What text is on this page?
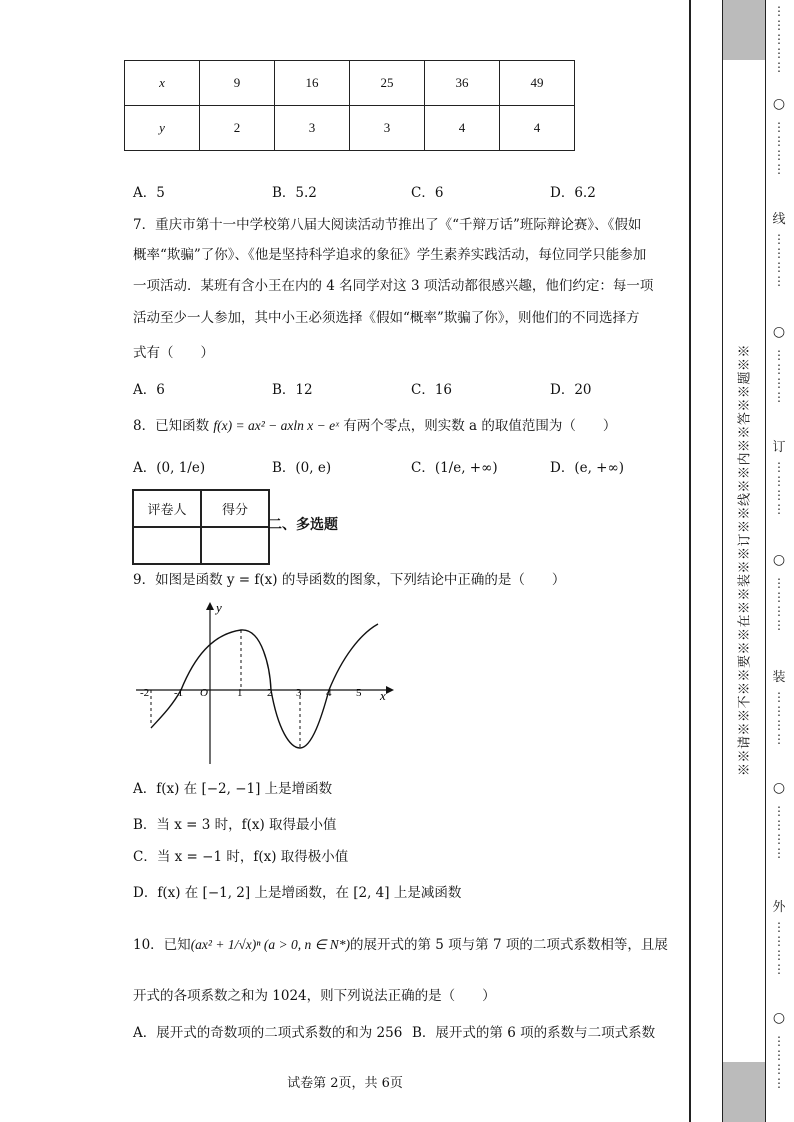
x	9	16	25	36	49
y	2	3	3	4	4
A．5	B．5.2	C．6	D．6.2
7．重庆市第十一中学校第八届大阅读活动节推出了《“千辩万话”班际辩论赛》、《假如
概率“欺骗”了你》、《他是坚持科学追求的象征》学生素养实践活动，每位同学只能参加
一项活动．某班有含小王在内的 4 名同学对这 3 项活动都很感兴趣，他们约定：每一项
活动至少一人参加，其中小王必须选择《假如“概率”欺骗了你》，则他们的不同选择方
式有（　　）
A．6	B．12	C．16	D．20
8．已知函数 f(x) = ax² − axln x − eˣ 有两个零点，则实数 a 的取值范围为（　　）
A．(0, 1/e)	B．(0, e)	C．(1/e, +∞)	D．(e, +∞)
评卷人	得分

二、多选题
9．如图是函数 y = f(x) 的导函数的图象，下列结论中正确的是（　　）
y
x
O
-2 -1	1 2 3 4 5
A．f(x) 在 [−2, −1] 上是增函数
B．当 x = 3 时，f(x) 取得最小值
C．当 x = −1 时，f(x) 取得极小值
D．f(x) 在 [−1, 2] 上是增函数，在 [2, 4] 上是减函数
10．已知(ax² + 1/√x)ⁿ (a > 0, n ∈ N*)的展开式的第 5 项与第 7 项的二项式系数相等，且展
开式的各项系数之和为 1024，则下列说法正确的是（　　）
A．展开式的奇数项的二项式系数的和为 256 B．展开式的第 6 项的系数与二项式系数
试卷第 2页，共 6页
※※请※※不※※要※※在※※装※※订※※线※※内※※答※※题※※
⋮
⋮
⋮
⋮
⋮
○
⋮
⋮
⋮
⋮
线
⋮
⋮
⋮
⋮
○
⋮
⋮
⋮
⋮
订
⋮
⋮
⋮
⋮
○
⋮
⋮
⋮
⋮
装
⋮
⋮
⋮
⋮
○
⋮
⋮
⋮
⋮
外
⋮
⋮
⋮
⋮
○
⋮
⋮
⋮
⋮
